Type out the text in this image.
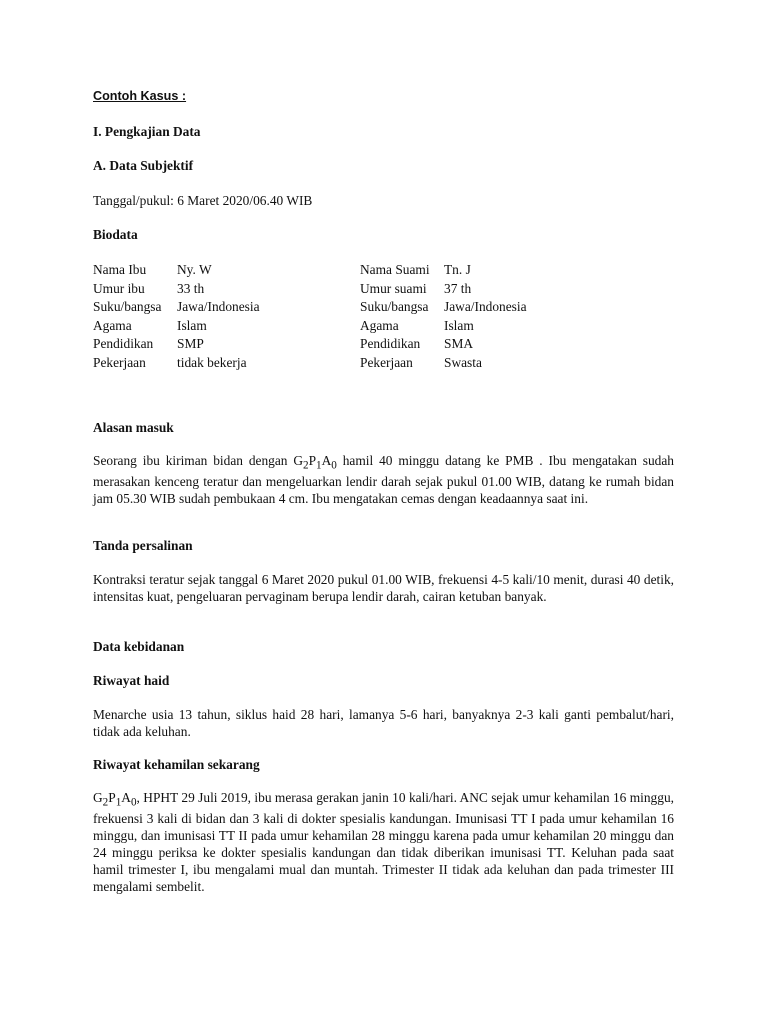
Contoh Kasus :
I. Pengkajian Data
A. Data Subjektif
Tanggal/pukul: 6 Maret 2020/06.40 WIB
Biodata
Nama Ibu	Ny. W	Nama Suami	Tn. J
Umur ibu	33 th	Umur suami	37 th
Suku/bangsa	Jawa/Indonesia	Suku/bangsa	Jawa/Indonesia
Agama	Islam	Agama	Islam
Pendidikan	SMP	Pendidikan	SMA
Pekerjaan	tidak bekerja	Pekerjaan	Swasta
Alasan masuk
Seorang ibu kiriman bidan dengan $G_2P_1A_0$ hamil 40 minggu datang ke PMB . Ibu mengatakan sudah merasakan kenceng teratur dan mengeluarkan lendir darah sejak pukul 01.00 WIB, datang ke rumah bidan jam 05.30 WIB sudah pembukaan 4 cm. Ibu mengatakan cemas dengan keadaannya saat ini.
Tanda persalinan
Kontraksi teratur sejak tanggal 6 Maret 2020 pukul 01.00 WIB, frekuensi 4-5 kali/10 menit, durasi 40 detik, intensitas kuat, pengeluaran pervaginam berupa lendir darah, cairan ketuban banyak.
Data kebidanan
Riwayat haid
Menarche usia 13 tahun, siklus haid 28 hari, lamanya 5-6 hari, banyaknya 2-3 kali ganti pembalut/hari, tidak ada keluhan.
Riwayat kehamilan sekarang
$G_2P_1A_0$, HPHT 29 Juli 2019, ibu merasa gerakan janin 10 kali/hari. ANC sejak umur kehamilan 16 minggu, frekuensi 3 kali di bidan dan 3 kali di dokter spesialis kandungan. Imunisasi TT I pada umur kehamilan 16 minggu, dan imunisasi TT II pada umur kehamilan 28 minggu karena pada umur kehamilan 20 minggu dan 24 minggu periksa ke dokter spesialis kandungan dan tidak diberikan imunisasi TT. Keluhan pada saat hamil trimester I, ibu mengalami mual dan muntah. Trimester II tidak ada keluhan dan pada trimester III mengalami sembelit.
